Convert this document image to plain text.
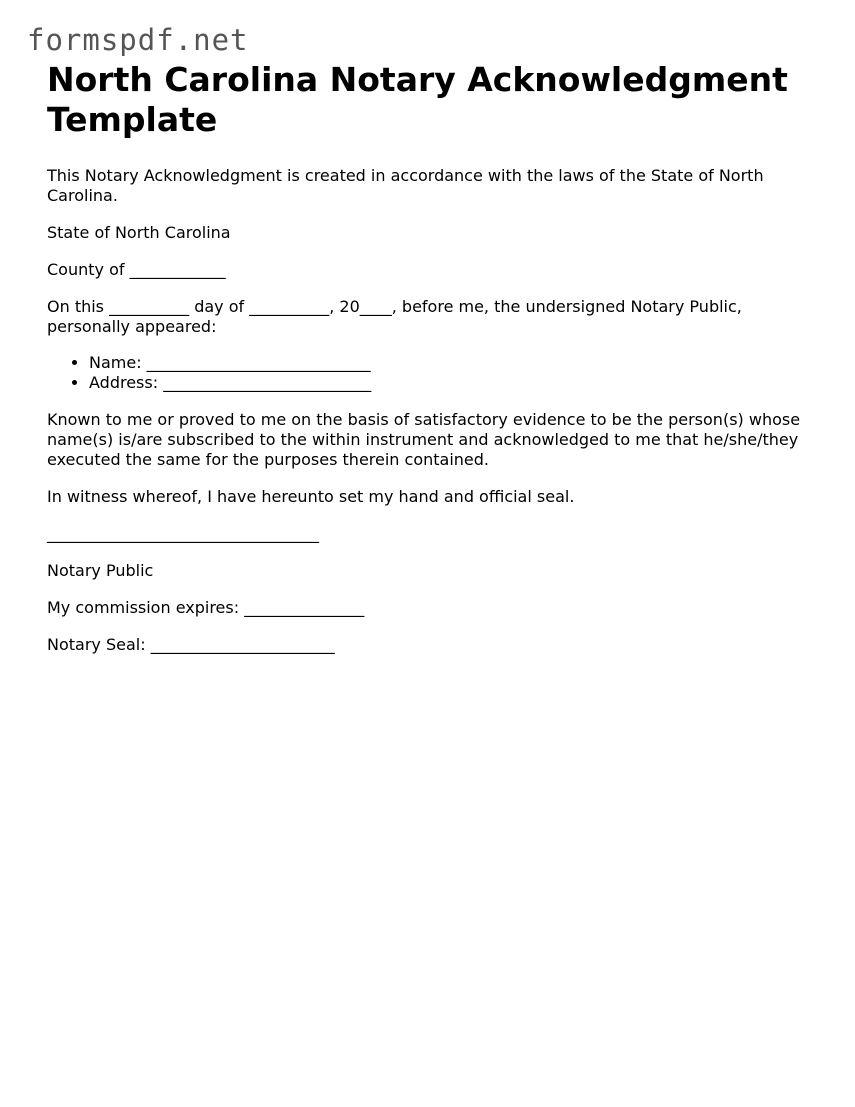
formspdf.net
North Carolina Notary Acknowledgment Template

This Notary Acknowledgment is created in accordance with the laws of the State of North Carolina.

State of North Carolina

County of ____________

On this __________ day of __________, 20____, before me, the undersigned Notary Public, personally appeared:

• Name: ____________________________
• Address: __________________________

Known to me or proved to me on the basis of satisfactory evidence to be the person(s) whose name(s) is/are subscribed to the within instrument and acknowledged to me that he/she/they executed the same for the purposes therein contained.

In witness whereof, I have hereunto set my hand and official seal.

__________________________________

Notary Public

My commission expires: _______________

Notary Seal: _______________________
